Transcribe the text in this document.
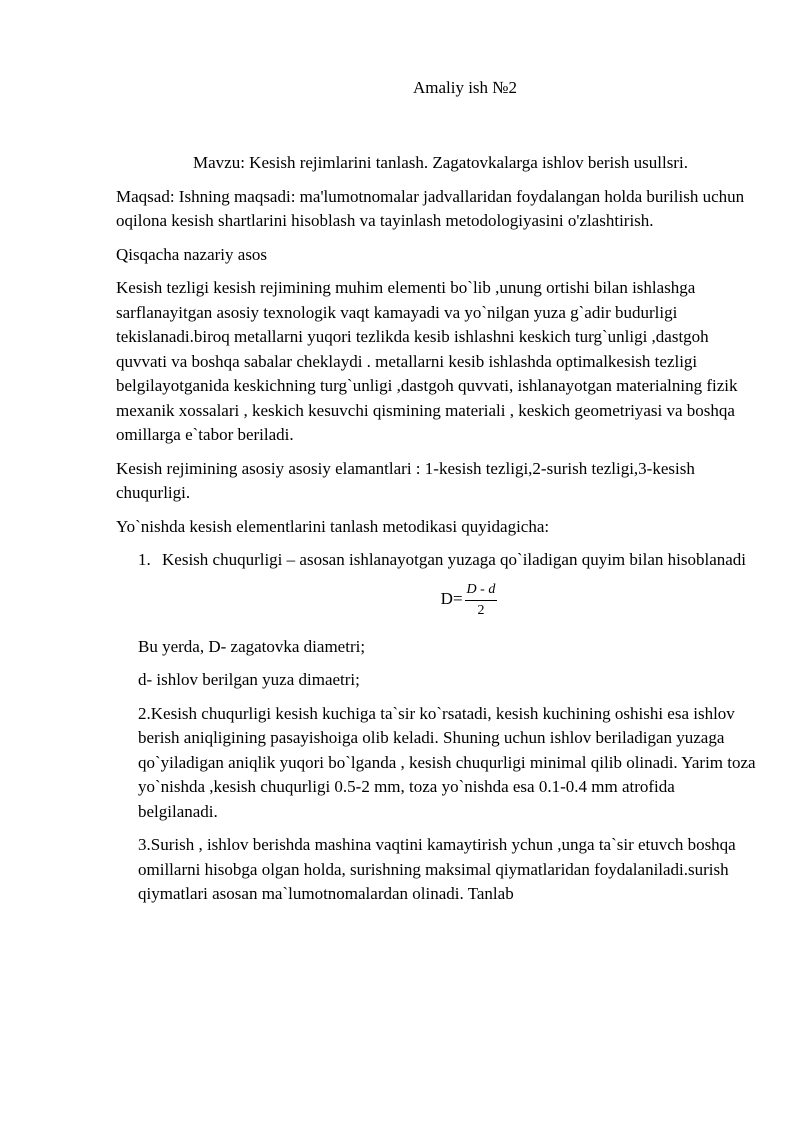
Amaliy ish №2

Mavzu: Kesish rejimlarini tanlash. Zagatovkalarga ishlov berish usullsri.

Maqsad: Ishning maqsadi: ma'lumotnomalar jadvallaridan foydalangan holda burilish uchun oqilona kesish shartlarini hisoblash va tayinlash metodologiyasini o'zlashtirish.

Qisqacha nazariy asos

Kesish tezligi kesish rejimining muhim elementi bo`lib ,unung ortishi bilan ishlashga sarflanayitgan asosiy texnologik vaqt kamayadi va yo`nilgan yuza g`adir budurligi tekislanadi.biroq metallarni yuqori tezlikda kesib ishlashni keskich turg`unligi ,dastgoh quvvati va boshqa sabalar cheklaydi . metallarni kesib ishlashda optimalkesish tezligi belgilayotganida keskichning turg`unligi ,dastgoh quvvati, ishlanayotgan materialning fizik mexanik xossalari , keskich kesuvchi qismining materiali , keskich geometriyasi va boshqa omillarga e`tabor beriladi.

Kesish rejimining asosiy asosiy elamantlari : 1-kesish tezligi,2-surish tezligi,3-kesish chuqurligi.

Yo`nishda kesish elementlarini tanlash metodikasi quyidagicha:

1. Kesish chuqurligi – asosan ishlanayotgan yuzaga qo`iladigan quyim bilan hisoblanadi
$D= \frac{D - d}{2}$

Bu yerda, D- zagatovka diametri;

d- ishlov berilgan yuza dimaetri;

2.Kesish chuqurligi kesish kuchiga ta`sir ko`rsatadi, kesish kuchining oshishi esa ishlov berish aniqligining pasayishoiga olib keladi. Shuning uchun ishlov beriladigan yuzaga qo`yiladigan aniqlik yuqori bo`lganda , kesish chuqurligi minimal qilib olinadi. Yarim toza yo`nishda ,kesish chuqurligi 0.5-2 mm, toza yo`nishda esa 0.1-0.4 mm atrofida belgilanadi.

3.Surish , ishlov berishda mashina vaqtini kamaytirish ychun ,unga ta`sir etuvch boshqa omillarni hisobga olgan holda, surishning maksimal qiymatlaridan foydalaniladi.surish qiymatlari asosan ma`lumotnomalardan olinadi. Tanlab
